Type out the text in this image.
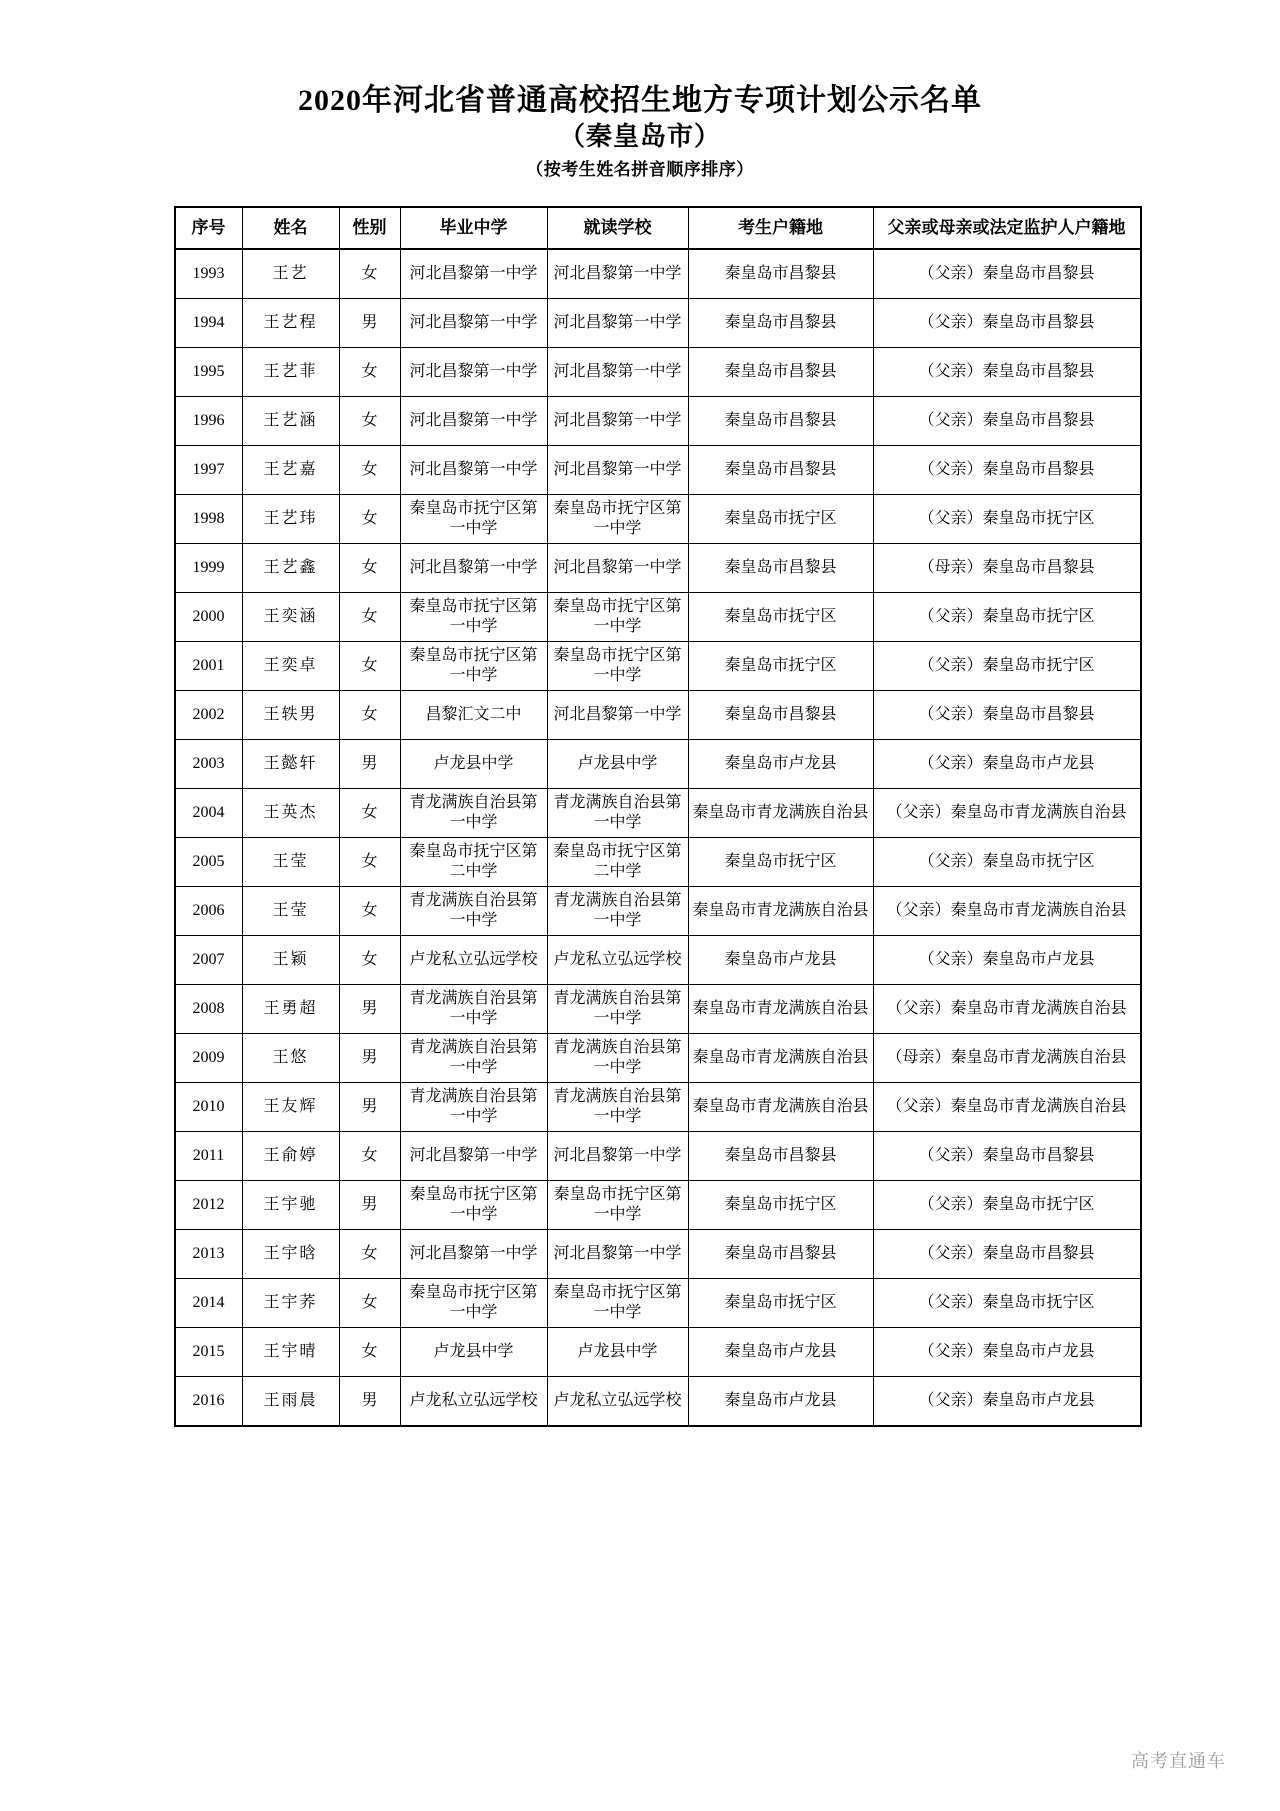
2020年河北省普通高校招生地方专项计划公示名单
（秦皇岛市）
（按考生姓名拼音顺序排序）
序号	姓名	性别	毕业中学	就读学校	考生户籍地	父亲或母亲或法定监护人户籍地
1993	王艺	女	河北昌黎第一中学	河北昌黎第一中学	秦皇岛市昌黎县	（父亲）秦皇岛市昌黎县
1994	王艺程	男	河北昌黎第一中学	河北昌黎第一中学	秦皇岛市昌黎县	（父亲）秦皇岛市昌黎县
1995	王艺菲	女	河北昌黎第一中学	河北昌黎第一中学	秦皇岛市昌黎县	（父亲）秦皇岛市昌黎县
1996	王艺涵	女	河北昌黎第一中学	河北昌黎第一中学	秦皇岛市昌黎县	（父亲）秦皇岛市昌黎县
1997	王艺嘉	女	河北昌黎第一中学	河北昌黎第一中学	秦皇岛市昌黎县	（父亲）秦皇岛市昌黎县
1998	王艺玮	女	秦皇岛市抚宁区第一中学	秦皇岛市抚宁区第一中学	秦皇岛市抚宁区	（父亲）秦皇岛市抚宁区
1999	王艺鑫	女	河北昌黎第一中学	河北昌黎第一中学	秦皇岛市昌黎县	（母亲）秦皇岛市昌黎县
2000	王奕涵	女	秦皇岛市抚宁区第一中学	秦皇岛市抚宁区第一中学	秦皇岛市抚宁区	（父亲）秦皇岛市抚宁区
2001	王奕卓	女	秦皇岛市抚宁区第一中学	秦皇岛市抚宁区第一中学	秦皇岛市抚宁区	（父亲）秦皇岛市抚宁区
2002	王轶男	女	昌黎汇文二中	河北昌黎第一中学	秦皇岛市昌黎县	（父亲）秦皇岛市昌黎县
2003	王懿轩	男	卢龙县中学	卢龙县中学	秦皇岛市卢龙县	（父亲）秦皇岛市卢龙县
2004	王英杰	女	青龙满族自治县第一中学	青龙满族自治县第一中学	秦皇岛市青龙满族自治县	（父亲）秦皇岛市青龙满族自治县
2005	王莹	女	秦皇岛市抚宁区第二中学	秦皇岛市抚宁区第二中学	秦皇岛市抚宁区	（父亲）秦皇岛市抚宁区
2006	王莹	女	青龙满族自治县第一中学	青龙满族自治县第一中学	秦皇岛市青龙满族自治县	（父亲）秦皇岛市青龙满族自治县
2007	王颖	女	卢龙私立弘远学校	卢龙私立弘远学校	秦皇岛市卢龙县	（父亲）秦皇岛市卢龙县
2008	王勇超	男	青龙满族自治县第一中学	青龙满族自治县第一中学	秦皇岛市青龙满族自治县	（父亲）秦皇岛市青龙满族自治县
2009	王悠	男	青龙满族自治县第一中学	青龙满族自治县第一中学	秦皇岛市青龙满族自治县	（母亲）秦皇岛市青龙满族自治县
2010	王友辉	男	青龙满族自治县第一中学	青龙满族自治县第一中学	秦皇岛市青龙满族自治县	（父亲）秦皇岛市青龙满族自治县
2011	王俞婷	女	河北昌黎第一中学	河北昌黎第一中学	秦皇岛市昌黎县	（父亲）秦皇岛市昌黎县
2012	王宇驰	男	秦皇岛市抚宁区第一中学	秦皇岛市抚宁区第一中学	秦皇岛市抚宁区	（父亲）秦皇岛市抚宁区
2013	王宇晗	女	河北昌黎第一中学	河北昌黎第一中学	秦皇岛市昌黎县	（父亲）秦皇岛市昌黎县
2014	王宇荞	女	秦皇岛市抚宁区第一中学	秦皇岛市抚宁区第一中学	秦皇岛市抚宁区	（父亲）秦皇岛市抚宁区
2015	王宇晴	女	卢龙县中学	卢龙县中学	秦皇岛市卢龙县	（父亲）秦皇岛市卢龙县
2016	王雨晨	男	卢龙私立弘远学校	卢龙私立弘远学校	秦皇岛市卢龙县	（父亲）秦皇岛市卢龙县
高考直通车
